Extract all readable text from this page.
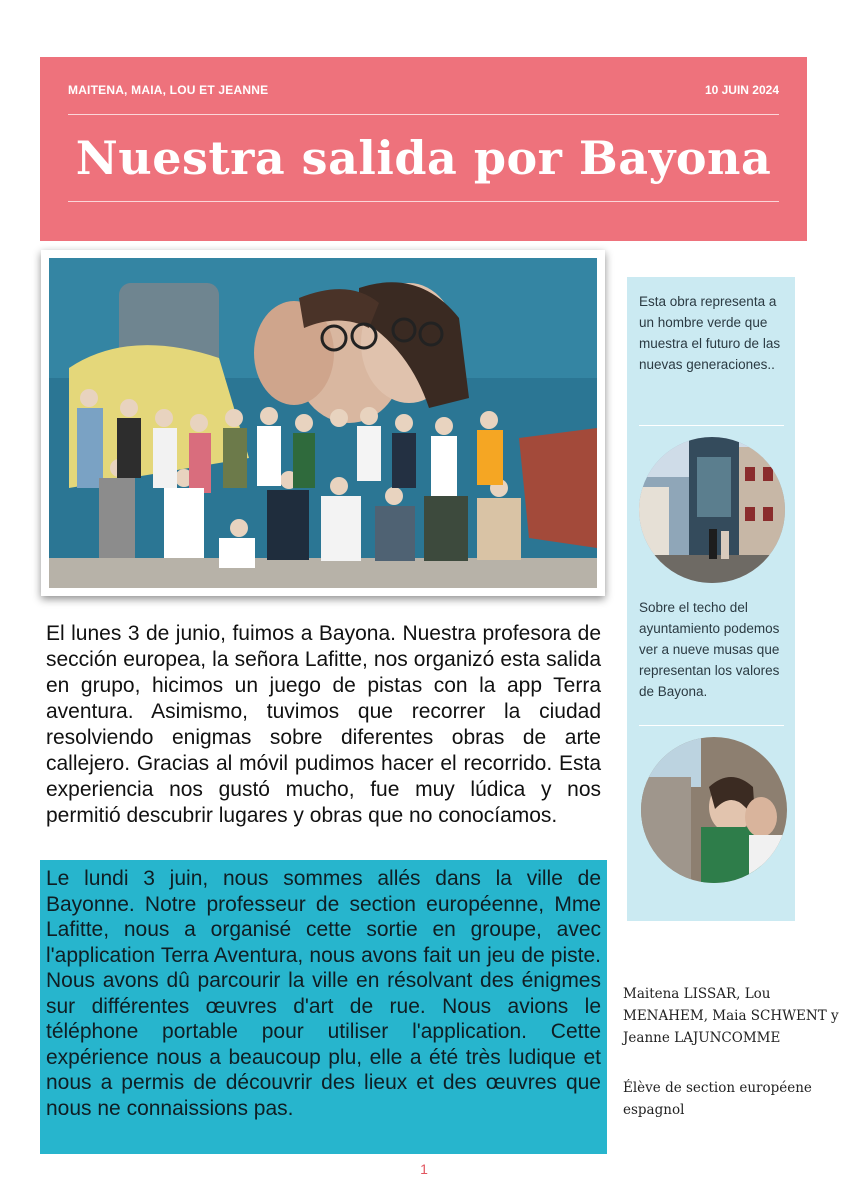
MAITENA, MAIA, LOU ET JEANNE	10 JUIN 2024
Nuestra salida por Bayona

El lunes 3 de junio, fuimos a Bayona. Nuestra profesora de sección europea, la señora Lafitte, nos organizó esta salida en grupo, hicimos un juego de pistas con la app Terra aventura. Asimismo, tuvimos que recorrer la ciudad resolviendo enigmas sobre diferentes obras de arte callejero. Gracias al móvil pudimos hacer el recorrido. Esta experiencia nos gustó mucho, fue muy lúdica y nos permitió descubrir lugares y obras que no conocíamos.

Le lundi 3 juin, nous sommes allés dans la ville de Bayonne. Notre professeur de section européenne, Mme Lafitte, nous a organisé cette sortie en groupe, avec l'application Terra Aventura, nous avons fait un jeu de piste. Nous avons dû parcourir la ville en résolvant des énigmes sur différentes œuvres d'art de rue. Nous avions le téléphone portable pour utiliser l'application. Cette expérience nous a beaucoup plu, elle a été très ludique et nous a permis de découvrir des lieux et des œuvres que nous ne connaissions pas.

1

Esta obra representa a un hombre verde que muestra el futuro de las nuevas generaciones..

Sobre el techo del ayuntamiento podemos ver a nueve musas que representan los valores de Bayona.

Maitena LISSAR, Lou MENAHEM, Maia SCHWENT y Jeanne LAJUNCOMME

Élève de section européene espagnol
